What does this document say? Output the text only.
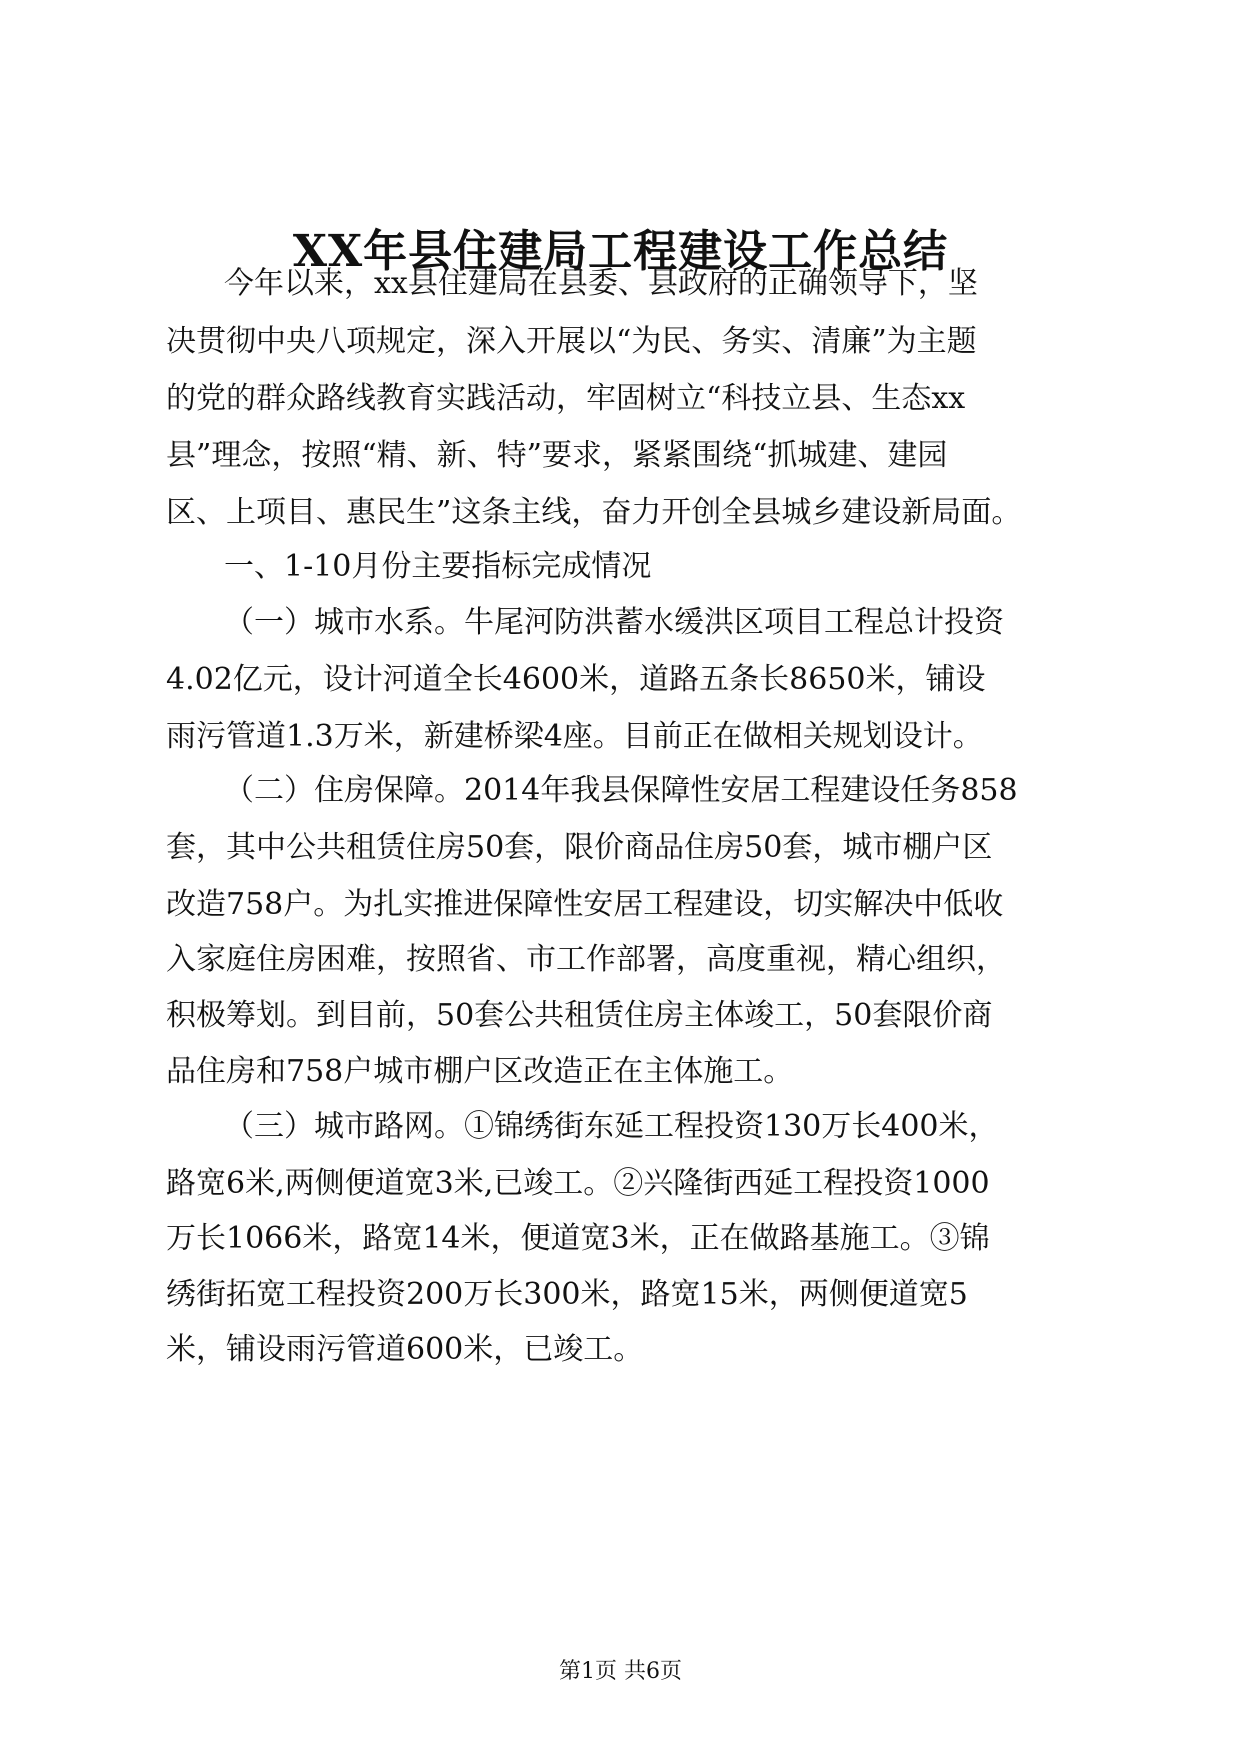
XX年县住建局工程建设工作总结

今年以来，xx县住建局在县委、县政府的正确领导下，坚

决贯彻中央八项规定，深入开展以“为民、务实、清廉”为主题

的党的群众路线教育实践活动，牢固树立“科技立县、生态xx

县”理念，按照“精、新、特”要求，紧紧围绕“抓城建、建园

区、上项目、惠民生”这条主线，奋力开创全县城乡建设新局面。

一、1-10月份主要指标完成情况

（一）城市水系。牛尾河防洪蓄水缓洪区项目工程总计投资

4.02亿元，设计河道全长4600米，道路五条长8650米，铺设

雨污管道1.3万米，新建桥梁4座。目前正在做相关规划设计。

（二）住房保障。2014年我县保障性安居工程建设任务858

套，其中公共租赁住房50套，限价商品住房50套，城市棚户区

改造758户。为扎实推进保障性安居工程建设，切实解决中低收

入家庭住房困难，按照省、市工作部署，高度重视，精心组织，

积极筹划。到目前，50套公共租赁住房主体竣工，50套限价商

品住房和758户城市棚户区改造正在主体施工。

（三）城市路网。①锦绣街东延工程投资130万长400米，

路宽6米,两侧便道宽3米,已竣工。②兴隆街西延工程投资1000

万长1066米，路宽14米，便道宽3米，正在做路基施工。③锦

绣街拓宽工程投资200万长300米，路宽15米，两侧便道宽5

米，铺设雨污管道600米，已竣工。

第1页 共6页
